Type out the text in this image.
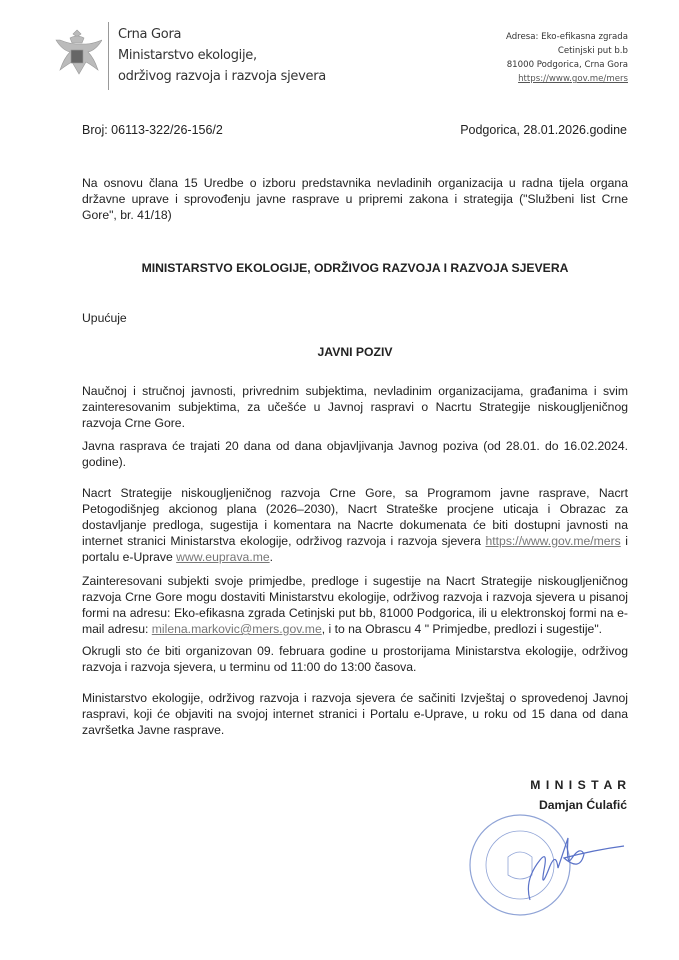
Crna Gora
Ministarstvo ekologije,
održivog razvoja i razvoja sjevera
Adresa: Eko-efikasna zgrada
Cetinjski put b.b
81000 Podgorica, Crna Gora
https://www.gov.me/mers
Broj: 06113-322/26-156/2	Podgorica, 28.01.2026.godine
Na osnovu člana 15 Uredbe o izboru predstavnika nevladinih organizacija u radna tijela organa državne uprave i sprovođenju javne rasprave u pripremi zakona i strategija ("Službeni list Crne Gore", br. 41/18)
MINISTARSTVO EKOLOGIJE, ODRŽIVOG RAZVOJA I RAZVOJA SJEVERA
Upućuje
JAVNI POZIV
Naučnoj i stručnoj javnosti, privrednim subjektima, nevladinim organizacijama, građanima i svim zainteresovanim subjektima, za učešće u Javnoj raspravi o Nacrtu Strategije niskougljeničnog razvoja Crne Gore.
Javna rasprava će trajati 20 dana od dana objavljivanja Javnog poziva (od 28.01. do 16.02.2024. godine).
Nacrt Strategije niskougljeničnog razvoja Crne Gore, sa Programom javne rasprave, Nacrt Petogodišnjeg akcionog plana (2026–2030), Nacrt Strateške procjene uticaja i Obrazac za dostavljanje predloga, sugestija i komentara na Nacrte dokumenata će biti dostupni javnosti na internet stranici Ministarstva ekologije, održivog razvoja i razvoja sjevera https://www.gov.me/mers i portalu e-Uprave www.euprava.me.
Zainteresovani subjekti svoje primjedbe, predloge i sugestije na Nacrt Strategije niskougljeničnog razvoja Crne Gore mogu dostaviti Ministarstvu ekologije, održivog razvoja i razvoja sjevera u pisanoj formi na adresu: Eko-efikasna zgrada Cetinjski put bb, 81000 Podgorica, ili u elektronskoj formi na e-mail adresu: milena.markovic@mers.gov.me, i to na Obrascu 4 " Primjedbe, predlozi i sugestije".
Okrugli sto će biti organizovan 09. februara godine u prostorijama Ministarstva ekologije, održivog razvoja i razvoja sjevera, u terminu od 11:00 do 13:00 časova.
Ministarstvo ekologije, održivog razvoja i razvoja sjevera će sačiniti Izvještaj o sprovedenoj Javnoj raspravi, koji će objaviti na svojoj internet stranici i Portalu e-Uprave, u roku od 15 dana od dana završetka Javne rasprave.
M I N I S T A R
Damjan Ćulafić
